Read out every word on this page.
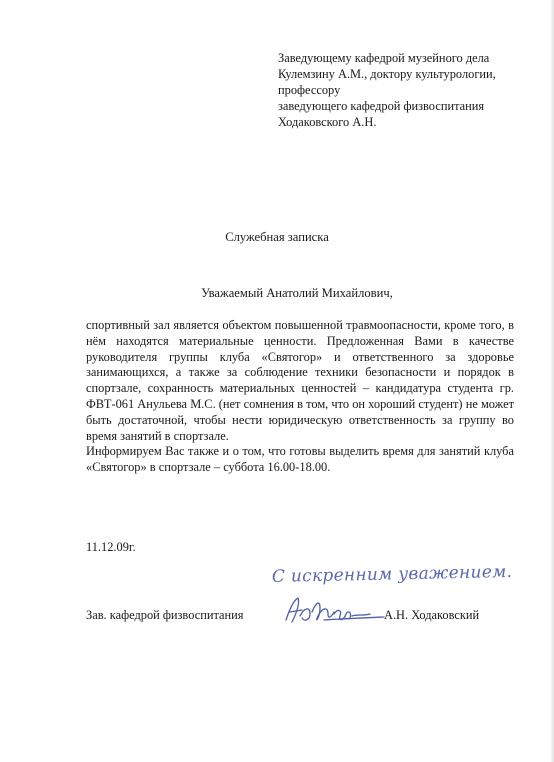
Заведующему кафедрой музейного дела
Кулемзину А.М., доктору культурологии,
профессору
заведующего кафедрой физвоспитания
Ходаковского А.Н.
Служебная записка
Уважаемый Анатолий Михайлович,
спортивный зал является объектом повышенной травмоопасности, кроме того, в нём находятся материальные ценности. Предложенная Вами в качестве руководителя группы клуба «Святогор» и ответственного за здоровье занимающихся, а также за соблюдение техники безопасности и порядок в спортзале, сохранность материальных ценностей – кандидатура студента гр. ФВТ-061 Анульева М.С. (нет сомнения в том, что он хороший студент) не может быть достаточной, чтобы нести юридическую ответственность за группу во время занятий в спортзале.
Информируем Вас также и о том, что готовы выделить время для занятий клуба «Святогор» в спортзале – суббота 16.00-18.00.
11.12.09г.
С искренним уважением.
Зав. кафедрой физвоспитания	А.Н. Ходаковский
